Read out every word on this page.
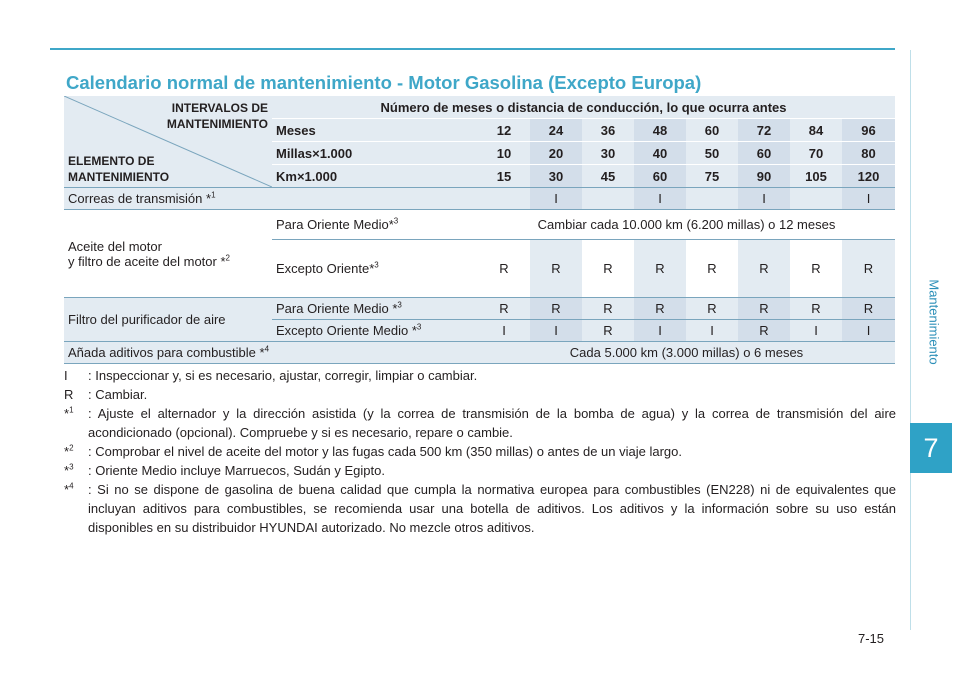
Mantenimiento
7
Calendario normal de mantenimiento - Motor Gasolina (Excepto Europa)
INTERVALOS DE
MANTENIMIENTO
ELEMENTO DE
MANTENIMIENTO	Número de meses o distancia de conducción, lo que ocurra antes								
	Meses	12	24	36	48	60	72	84	96
	Millas×1.000	10	20	30	40	50	60	70	80
	Km×1.000	15	30	45	60	75	90	105	120
Correas de transmisión *$^1$			I		I		I		I

Aceite del motor
y filtro de aceite del motor *$^2$	Para Oriente Medio*$^3$	Cambiar cada 10.000 km (6.200 millas) o 12 meses							
	Excepto Oriente*$^3$	R	R	R	R	R	R	R	R
Filtro del purificador de aire	Para Oriente Medio *$^3$	R	R	R	R	R	R	R	R
	Excepto Oriente Medio *$^3$	I	I	R	I	I	R	I	I
Añada aditivos para combustible *$^4$		Cada 5.000 km (3.000 millas) o 6 meses							
I : Inspeccionar y, si es necesario, ajustar, corregir, limpiar o cambiar.
R : Cambiar.
*$^1$ : Ajuste el alternador y la dirección asistida (y la correa de transmisión de la bomba de agua) y la correa de transmisión del aire acondicionado (opcional). Compruebe y si es necesario, repare o cambie.
*$^2$ : Comprobar el nivel de aceite del motor y las fugas cada 500 km (350 millas) o antes de un viaje largo.
*$^3$ : Oriente Medio incluye Marruecos, Sudán y Egipto.
*$^4$ : Si no se dispone de gasolina de buena calidad que cumpla la normativa europea para combustibles (EN228) ni de equivalentes que incluyan aditivos para combustibles, se recomienda usar una botella de aditivos. Los aditivos y la información sobre su uso están disponibles en su distribuidor HYUNDAI autorizado. No mezcle otros aditivos.
7-15
